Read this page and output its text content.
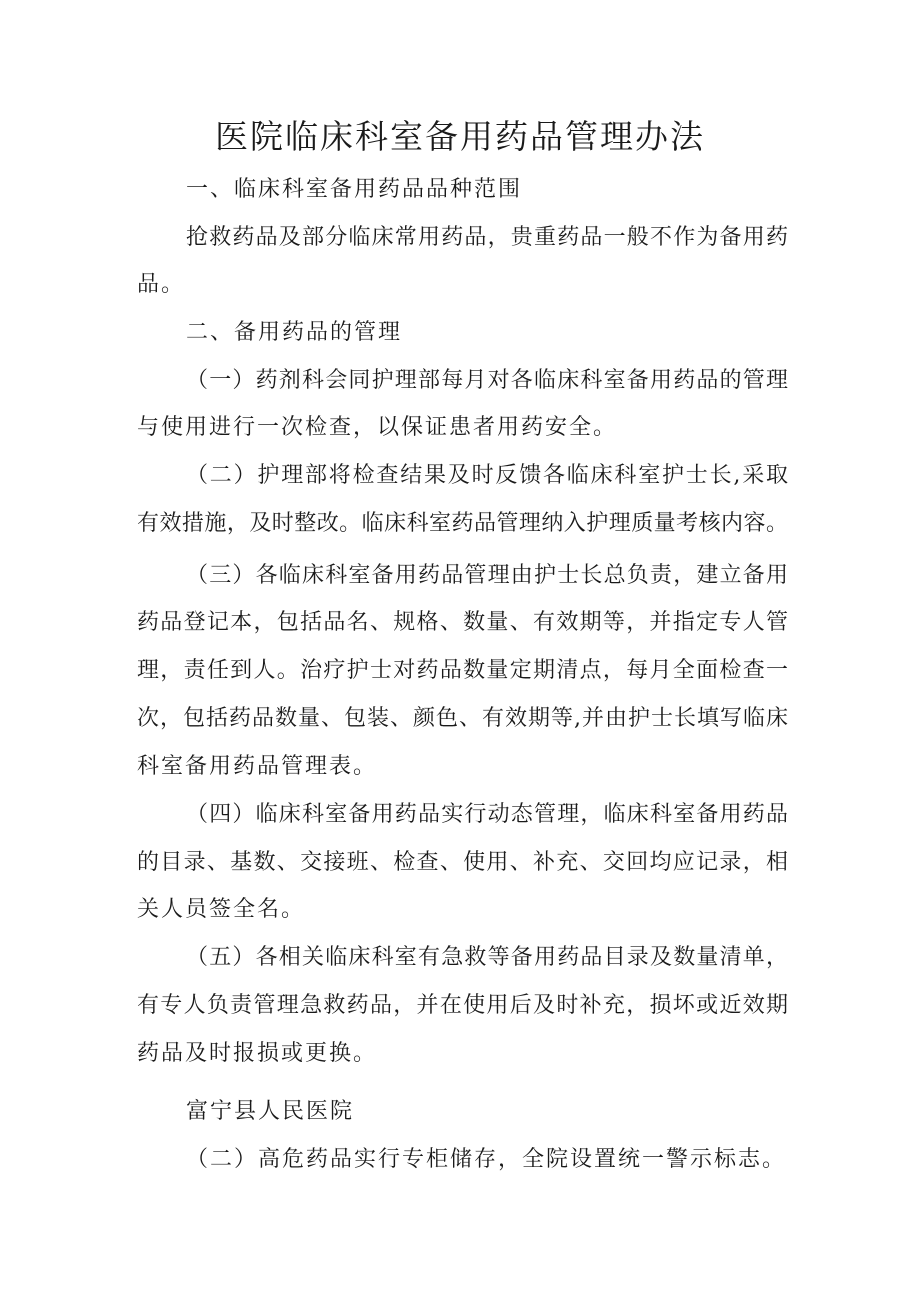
医院临床科室备用药品管理办法
一、临床科室备用药品品种范围
抢救药品及部分临床常用药品，贵重药品一般不作为备用药
品。
二、备用药品的管理
（一）药剂科会同护理部每月对各临床科室备用药品的管理
与使用进行一次检查，以保证患者用药安全。
（二）护理部将检查结果及时反馈各临床科室护士长,采取
有效措施，及时整改。临床科室药品管理纳入护理质量考核内容。
（三）各临床科室备用药品管理由护士长总负责，建立备用
药品登记本，包括品名、规格、数量、有效期等，并指定专人管
理，责任到人。治疗护士对药品数量定期清点，每月全面检查一
次，包括药品数量、包装、颜色、有效期等,并由护士长填写临床
科室备用药品管理表。
（四）临床科室备用药品实行动态管理，临床科室备用药品
的目录、基数、交接班、检查、使用、补充、交回均应记录，相
关人员签全名。
（五）各相关临床科室有急救等备用药品目录及数量清单，
有专人负责管理急救药品，并在使用后及时补充，损坏或近效期
药品及时报损或更换。
富宁县人民医院
（二）高危药品实行专柜储存，全院设置统一警示标志。
